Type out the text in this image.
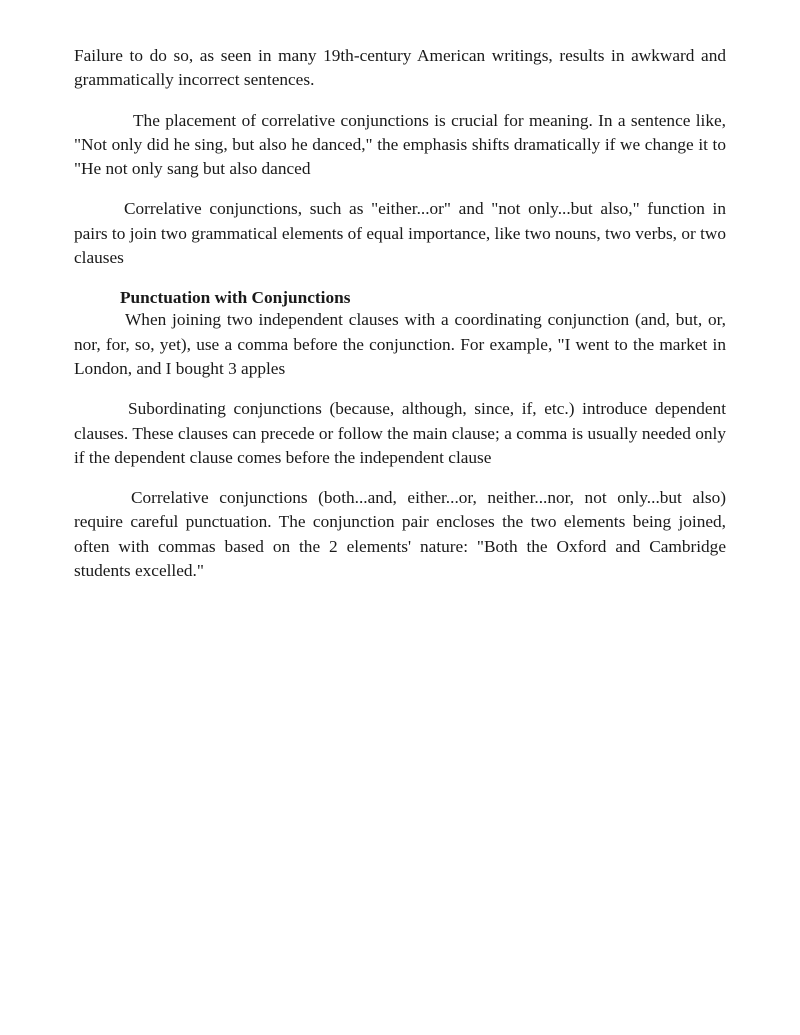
Failure to do so, as seen in many 19th-century American writings, results in awkward and grammatically incorrect sentences.

The placement of correlative conjunctions is crucial for meaning. In a sentence like, "Not only did he sing, but also he danced," the emphasis shifts dramatically if we change it to "He not only sang but also danced

Correlative conjunctions, such as "either...or" and "not only...but also," function in pairs to join two grammatical elements of equal importance, like two nouns, two verbs, or two clauses

Punctuation with Conjunctions

When joining two independent clauses with a coordinating conjunction (and, but, or, nor, for, so, yet), use a comma before the conjunction. For example, "I went to the market in London, and I bought 3 apples

Subordinating conjunctions (because, although, since, if, etc.) introduce dependent clauses. These clauses can precede or follow the main clause; a comma is usually needed only if the dependent clause comes before the independent clause

Correlative conjunctions (both...and, either...or, neither...nor, not only...but also) require careful punctuation. The conjunction pair encloses the two elements being joined, often with commas based on the 2 elements' nature: "Both the Oxford and Cambridge students excelled."
